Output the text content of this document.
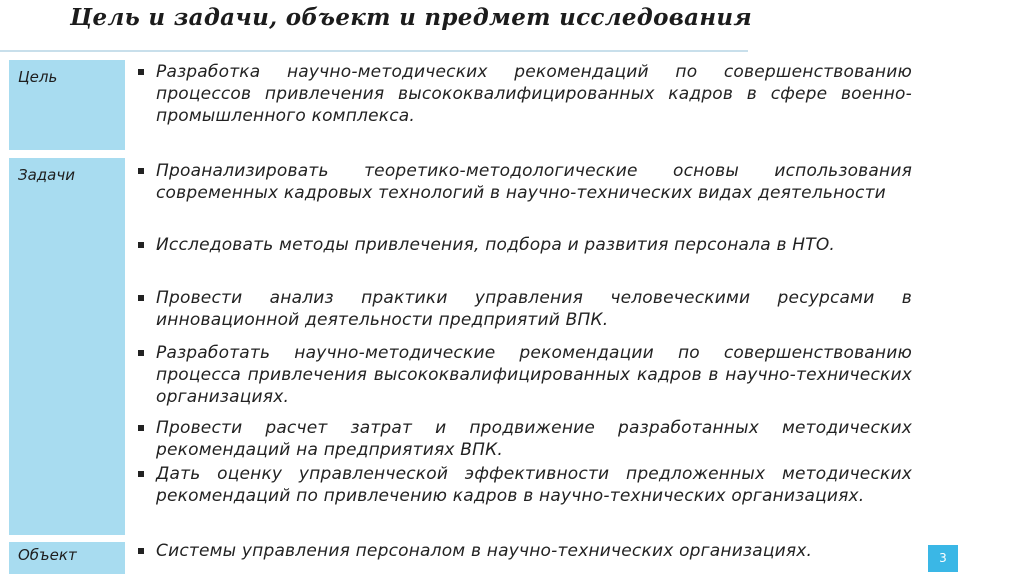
Цель и задачи, объект и предмет исследования
Цель	Разработка научно-методических рекомендаций по совершенствованию процессов привлечения высококвалифицированных кадров в сфере военно-промышленного комплекса.
Задачи	Проанализировать теоретико-методологические основы использования современных кадровых технологий в научно-технических видах деятельности
Исследовать методы привлечения, подбора и развития персонала в НТО.
Провести анализ практики управления человеческими ресурсами в инновационной деятельности предприятий ВПК.
Разработать научно-методические рекомендации по совершенствованию процесса привлечения высококвалифицированных кадров в научно-технических организациях.
Провести расчет затрат и продвижение разработанных методических рекомендаций на предприятиях ВПК.
Дать оценку управленческой эффективности предложенных методических рекомендаций по привлечению кадров в научно-технических организациях.
Объект	Системы управления персоналом в научно-технических организациях.	3
